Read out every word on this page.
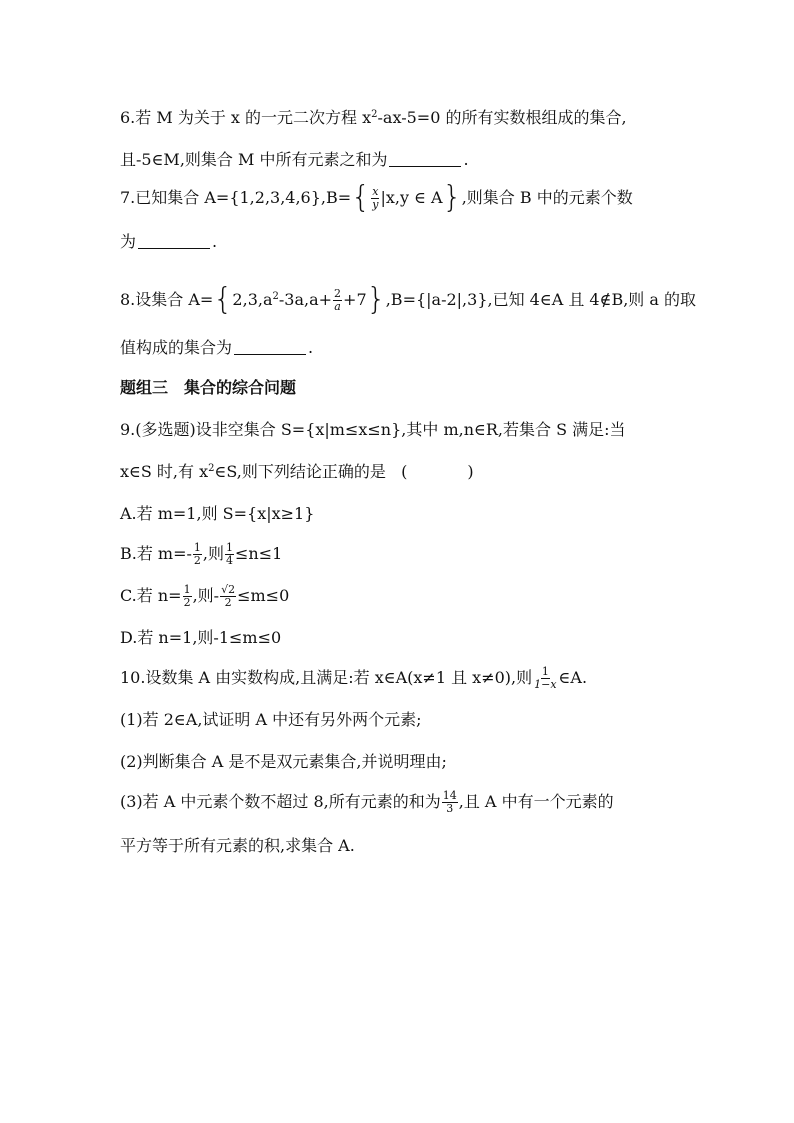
6.若 M 为关于 x 的一元二次方程 $x^2-ax-5=0$ 的所有实数根组成的集合,
且-5∈M,则集合 M 中所有元素之和为	.
7.已知集合 $A=\{1,2,3,4,6\},B=\{ \frac{x}{y} |x,y$ ∈ A},则集合 B 中的元素个数
为	.
8.设集合 $A=\{2,3,a^2-3a,a+ \frac{2}{a} +7\},B=\{|a-2|,3\}$,已知 4∈A 且 4∉B,则 a 的取
值构成的集合为	.
题组三　集合的综合问题
9.(多选题)设非空集合 S={x|m≤x≤n},其中 m,n∈R,若集合 S 满足:当
x∈S 时,有 $x^2\in S$,则下列结论正确的是 (	)
A.若 m=1,则 S={x|x≥1}
B.若 $m=- \frac{1}{2}$ ,则 $\frac{1}{4} \le n\le 1$
C.若 $n= \frac{1}{2}$ ,则- $\frac{√2}{2} \le m\le 0$
D.若 n=1,则-1≤m≤0
10.设数集 A 由实数构成,且满足:若 x∈A(x≠1 且 x≠0),则 $\frac{1}{1-x}$ ∈A.
(1)若 2∈A,试证明 A 中还有另外两个元素;
(2)判断集合 A 是不是双元素集合,并说明理由;
(3)若 A 中元素个数不超过 8,所有元素的和为 $\frac{14}{3}$ ,且 A 中有一个元素的
平方等于所有元素的积,求集合 A.
